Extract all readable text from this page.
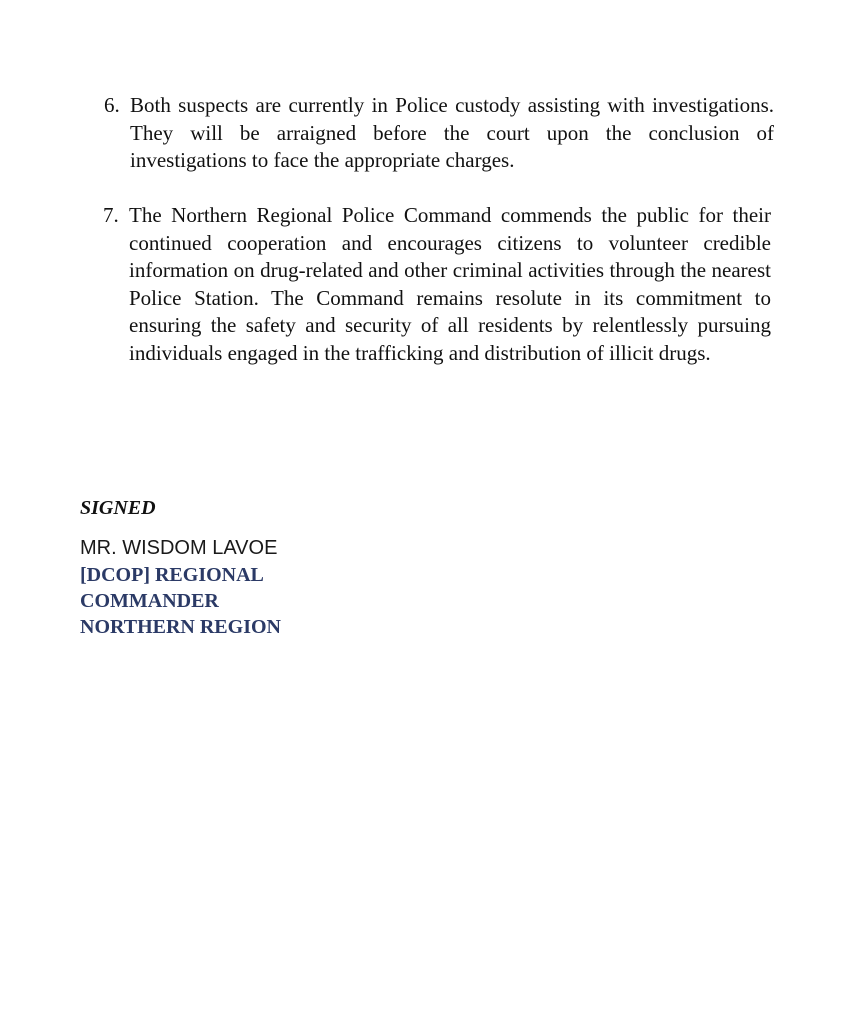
6. Both suspects are currently in Police custody assisting with investigations. They will be arraigned before the court upon the conclusion of investigations to face the appropriate charges.
7. The Northern Regional Police Command commends the public for their continued cooperation and encourages citizens to volunteer credible information on drug-related and other criminal activities through the nearest Police Station. The Command remains resolute in its commitment to ensuring the safety and security of all residents by relentlessly pursuing individuals engaged in the trafficking and distribution of illicit drugs.
SIGNED
MR. WISDOM LAVOE
[DCOP] REGIONAL
COMMANDER
NORTHERN REGION
